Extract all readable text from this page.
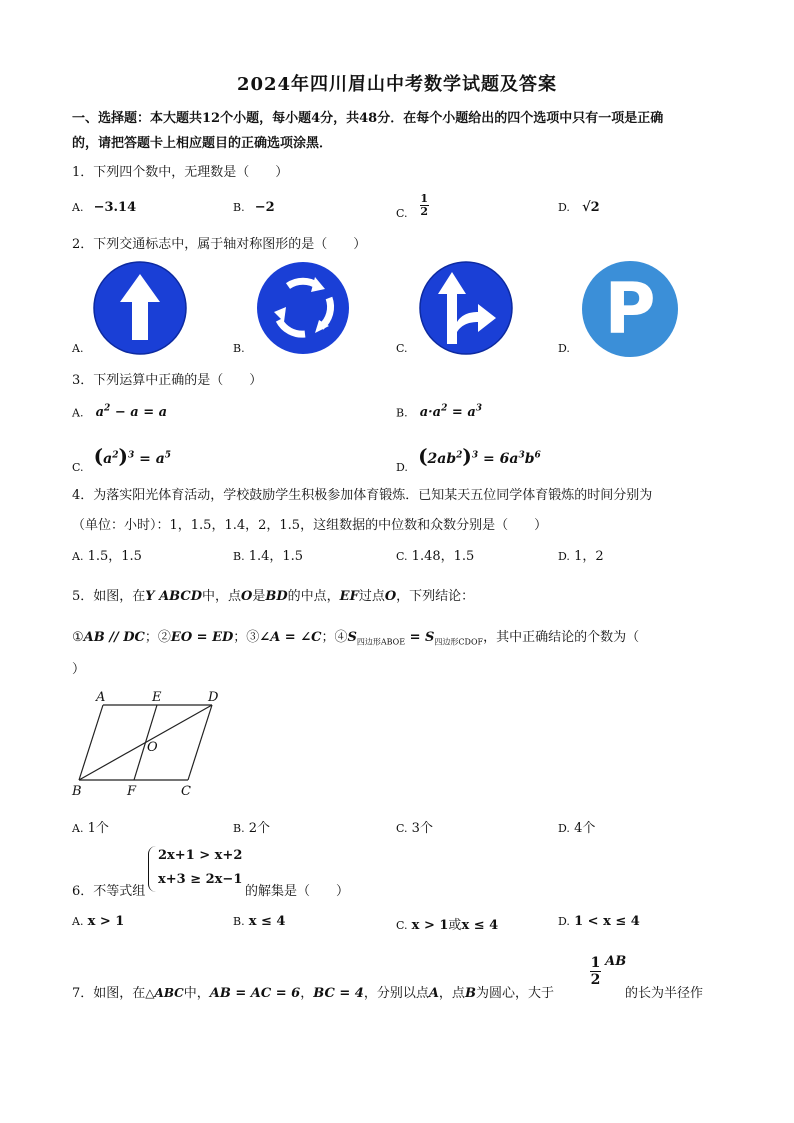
2024年四川眉山中考数学试题及答案
一、选择题：本大题共12个小题，每小题4分，共48分．在每个小题给出的四个选项中只有一项是正确
的，请把答题卡上相应题目的正确选项涂黑．
1．下列四个数中，无理数是（　　）
A. −3.14	B. −2	$_{C.} \frac{1}{2}$	D. √2
2．下列交通标志中，属于轴对称图形的是（　　）
A.	B.	C.	D. P
3．下列运算中正确的是（　　）
A. $a^2 - a = a$	B. $a\cdot a^2 = a^3$
$_{C.}$ $(a^2)^3 = a^5$
$_{D.}$ $(2ab^2)^3 = 6a^3b^6$
4．为落实阳光体育活动，学校鼓励学生积极参加体育锻炼．已知某天五位同学体育锻炼的时间分别为
（单位：小时）：1，1.5，1.4，2，1.5，这组数据的中位数和众数分别是（　　）
A. 1.5，1.5	B. 1.4，1.5	C. 1.48，1.5	D. 1，2
5．如图，在Y ABCD中，点O是BD的中点，EF过点O，下列结论：
①AB // DC；②EO = ED；③∠A = ∠C；$④S_{四边形ABOE} = S_{四边形CDOF}$，其中正确结论的个数为（
）
A	E	D
O
B	F	C
A. 1个	B. 2个	C. 3个	D. 4个
6．不等式组
2x+1 > x+2
x+3 ≥ 2x−1
的解集是（　　）
A. x > 1	B. x ≤ 4	C. x > 1或x ≤ 4	D. 1 < x ≤ 4
7．如图，在△ABC中，AB = AC = 6，BC = 4，分别以点A，点B为圆心，大于
$\frac{1}{2}$ AB
的长为半径作
